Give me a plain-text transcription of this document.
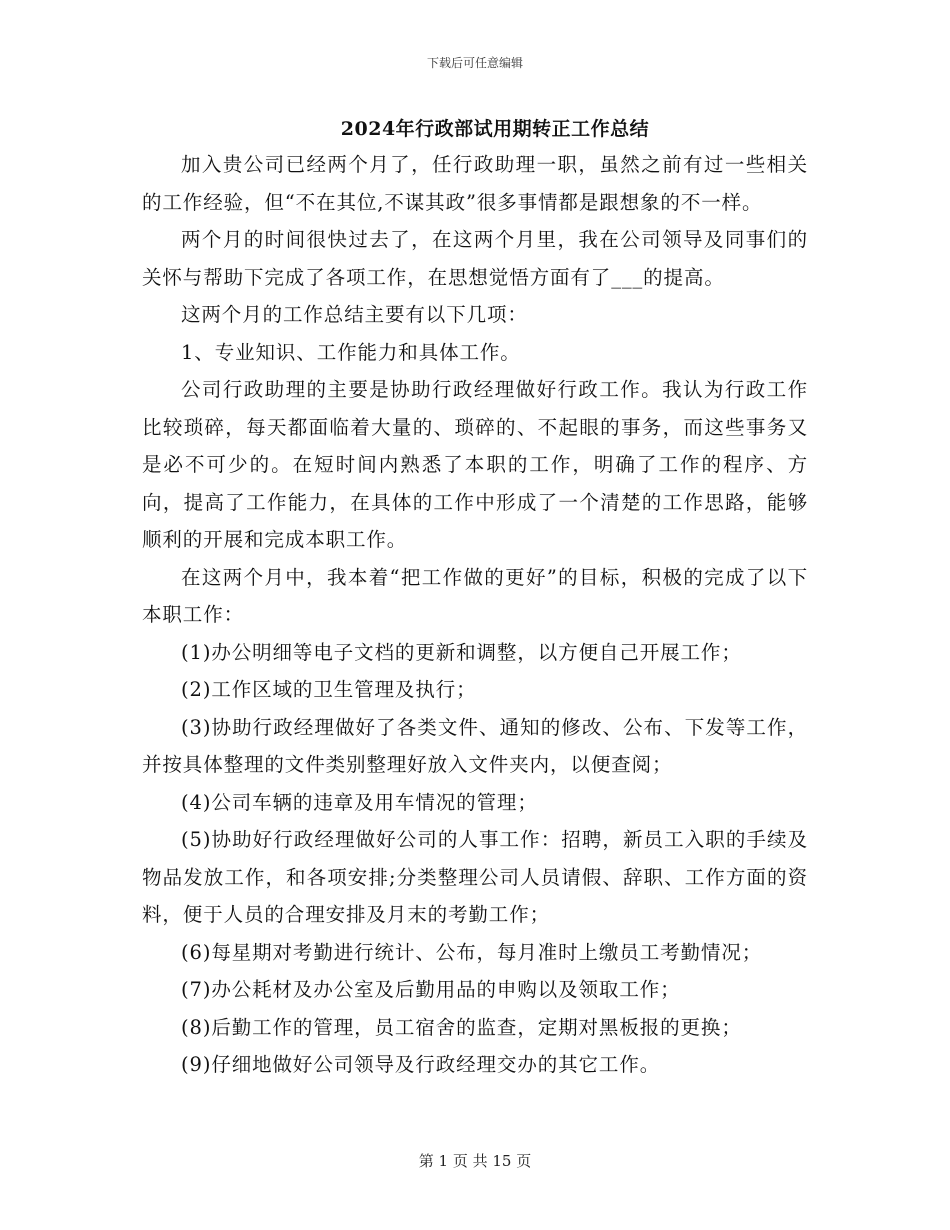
下载后可任意编辑
2024年行政部试用期转正工作总结

加入贵公司已经两个月了，任行政助理一职，虽然之前有过一些相关的工作经验，但“不在其位,不谋其政”很多事情都是跟想象的不一样。

两个月的时间很快过去了，在这两个月里，我在公司领导及同事们的关怀与帮助下完成了各项工作，在思想觉悟方面有了___的提高。

这两个月的工作总结主要有以下几项：

1、专业知识、工作能力和具体工作。

公司行政助理的主要是协助行政经理做好行政工作。我认为行政工作比较琐碎，每天都面临着大量的、琐碎的、不起眼的事务，而这些事务又是必不可少的。在短时间内熟悉了本职的工作，明确了工作的程序、方向，提高了工作能力，在具体的工作中形成了一个清楚的工作思路，能够顺利的开展和完成本职工作。

在这两个月中，我本着“把工作做的更好”的目标，积极的完成了以下本职工作：

(1)办公明细等电子文档的更新和调整，以方便自己开展工作；

(2)工作区域的卫生管理及执行；

(3)协助行政经理做好了各类文件、通知的修改、公布、下发等工作，并按具体整理的文件类别整理好放入文件夹内，以便查阅；

(4)公司车辆的违章及用车情况的管理；

(5)协助好行政经理做好公司的人事工作：招聘，新员工入职的手续及物品发放工作，和各项安排;分类整理公司人员请假、辞职、工作方面的资料，便于人员的合理安排及月末的考勤工作；

(6)每星期对考勤进行统计、公布，每月准时上缴员工考勤情况；

(7)办公耗材及办公室及后勤用品的申购以及领取工作；

(8)后勤工作的管理，员工宿舍的监查，定期对黑板报的更换；

(9)仔细地做好公司领导及行政经理交办的其它工作。

第 1 页 共 15 页
